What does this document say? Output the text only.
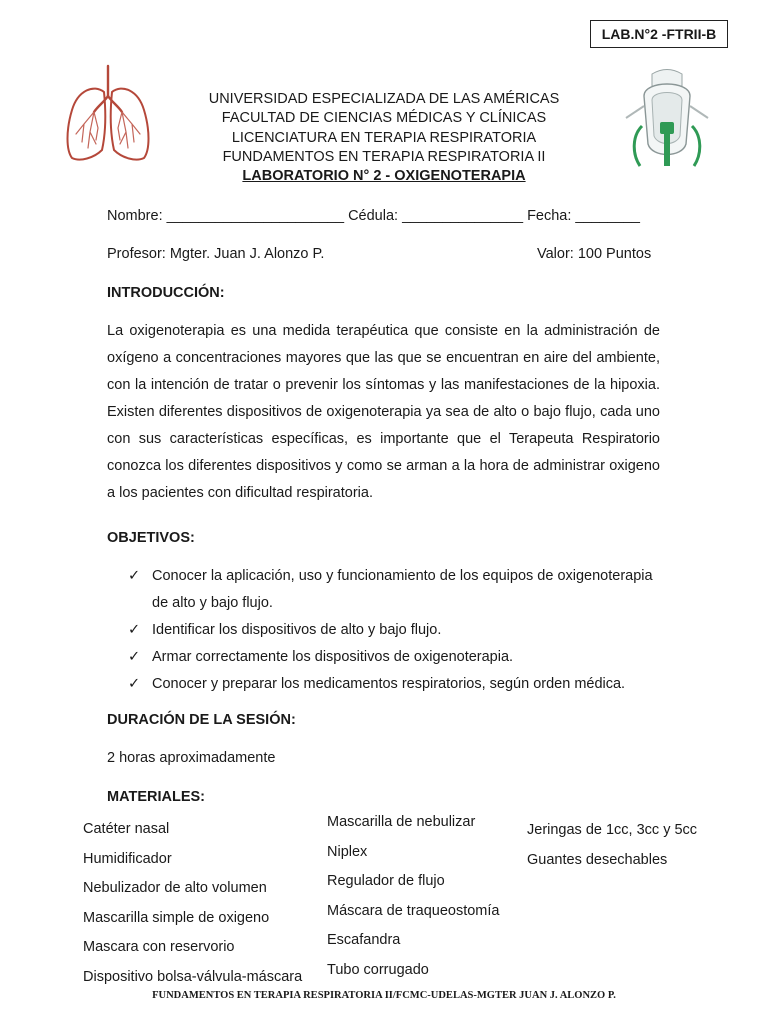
LAB.N°2 -FTRII-B
UNIVERSIDAD ESPECIALIZADA DE LAS AMÉRICAS
FACULTAD DE CIENCIAS MÉDICAS Y CLÍNICAS
LICENCIATURA EN TERAPIA RESPIRATORIA
FUNDAMENTOS EN TERAPIA RESPIRATORIA II
LABORATORIO N° 2 - OXIGENOTERAPIA
Nombre: ______________________ Cédula: _______________ Fecha: ________
Profesor: Mgter. Juan J. Alonzo P.	Valor: 100 Puntos
INTRODUCCIÓN:
La oxigenoterapia es una medida terapéutica que consiste en la administración de oxígeno a concentraciones mayores que las que se encuentran en aire del ambiente, con la intención de tratar o prevenir los síntomas y las manifestaciones de la hipoxia. Existen diferentes dispositivos de oxigenoterapia ya sea de alto o bajo flujo, cada uno con sus características específicas, es importante que el Terapeuta Respiratorio conozca los diferentes dispositivos y como se arman a la hora de administrar oxigeno a los pacientes con dificultad respiratoria.
OBJETIVOS:
✓ Conocer la aplicación, uso y funcionamiento de los equipos de oxigenoterapia de alto y bajo flujo.
✓ Identificar los dispositivos de alto y bajo flujo.
✓ Armar correctamente los dispositivos de oxigenoterapia.
✓ Conocer y preparar los medicamentos respiratorios, según orden médica.
DURACIÓN DE LA SESIÓN:
2 horas aproximadamente
MATERIALES:
Catéter nasal
Humidificador
Nebulizador de alto volumen
Mascarilla simple de oxigeno
Mascara con reservorio
Dispositivo bolsa-válvula-máscara
Mascarilla de nebulizar
Niplex
Regulador de flujo
Máscara de traqueostomía
Escafandra
Tubo corrugado
Jeringas de 1cc, 3cc y 5cc
Guantes desechables
FUNDAMENTOS EN TERAPIA RESPIRATORIA II/FCMC-UDELAS-MGTER JUAN J. ALONZO P.
